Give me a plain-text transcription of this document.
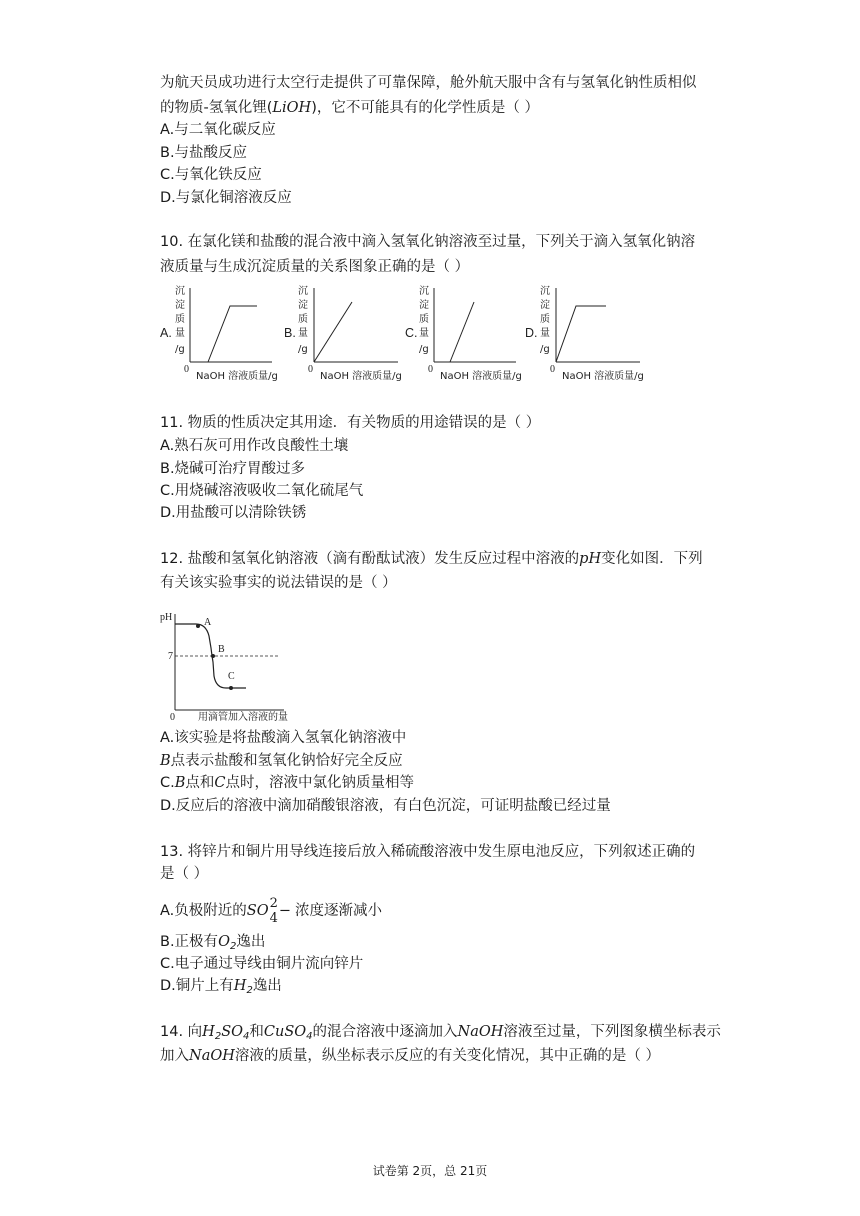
为航天员成功进行太空行走提供了可靠保障，舱外航天服中含有与氢氧化钠性质相似
的物质-氢氧化锂(LiOH)，它不可能具有的化学性质是（ ）
A.与二氧化碳反应
B.与盐酸反应
C.与氧化铁反应
D.与氯化铜溶液反应
10. 在氯化镁和盐酸的混合液中滴入氢氧化钠溶液至过量，下列关于滴入氢氧化钠溶
液质量与生成沉淀质量的关系图象正确的是（ ）
A.
沉
淀
质
量
/g
0
NaOH 溶液质量/g
B.
沉
淀
质
量
/g
0
NaOH 溶液质量/g
C.
沉
淀
质
量
/g
0
NaOH 溶液质量/g
D.
沉
淀
质
量
/g
0
NaOH 溶液质量/g
11. 物质的性质决定其用途．有关物质的用途错误的是（ ）
A.熟石灰可用作改良酸性土壤
B.烧碱可治疗胃酸过多
C.用烧碱溶液吸收二氧化硫尾气
D.用盐酸可以清除铁锈
12. 盐酸和氢氧化钠溶液（滴有酚酞试液）发生反应过程中溶液的pH变化如图．下列
有关该实验事实的说法错误的是（ ）
pH
7
A
B
C
0 用滴管加入溶液的量
A.该实验是将盐酸滴入氢氧化钠溶液中
B点表示盐酸和氢氧化钠恰好完全反应
C.B点和C点时，溶液中氯化钠质量相等
D.反应后的溶液中滴加硝酸银溶液，有白色沉淀，可证明盐酸已经过量
13. 将锌片和铜片用导线连接后放入稀硫酸溶液中发生原电池反应，下列叙述正确的
是（ ）
A.负极附近的SO 2
4 − 浓度逐渐减小
B.正极有$O_2$逸出
C.电子通过导线由铜片流向锌片
D.铜片上有$H_2$逸出
14. 向$H_2SO_4$和CuSO$_4$的混合溶液中逐滴加入NaOH溶液至过量，下列图象横坐标表示
加入NaOH溶液的质量，纵坐标表示反应的有关变化情况，其中正确的是（ ）
试卷第 2页，总 21页
